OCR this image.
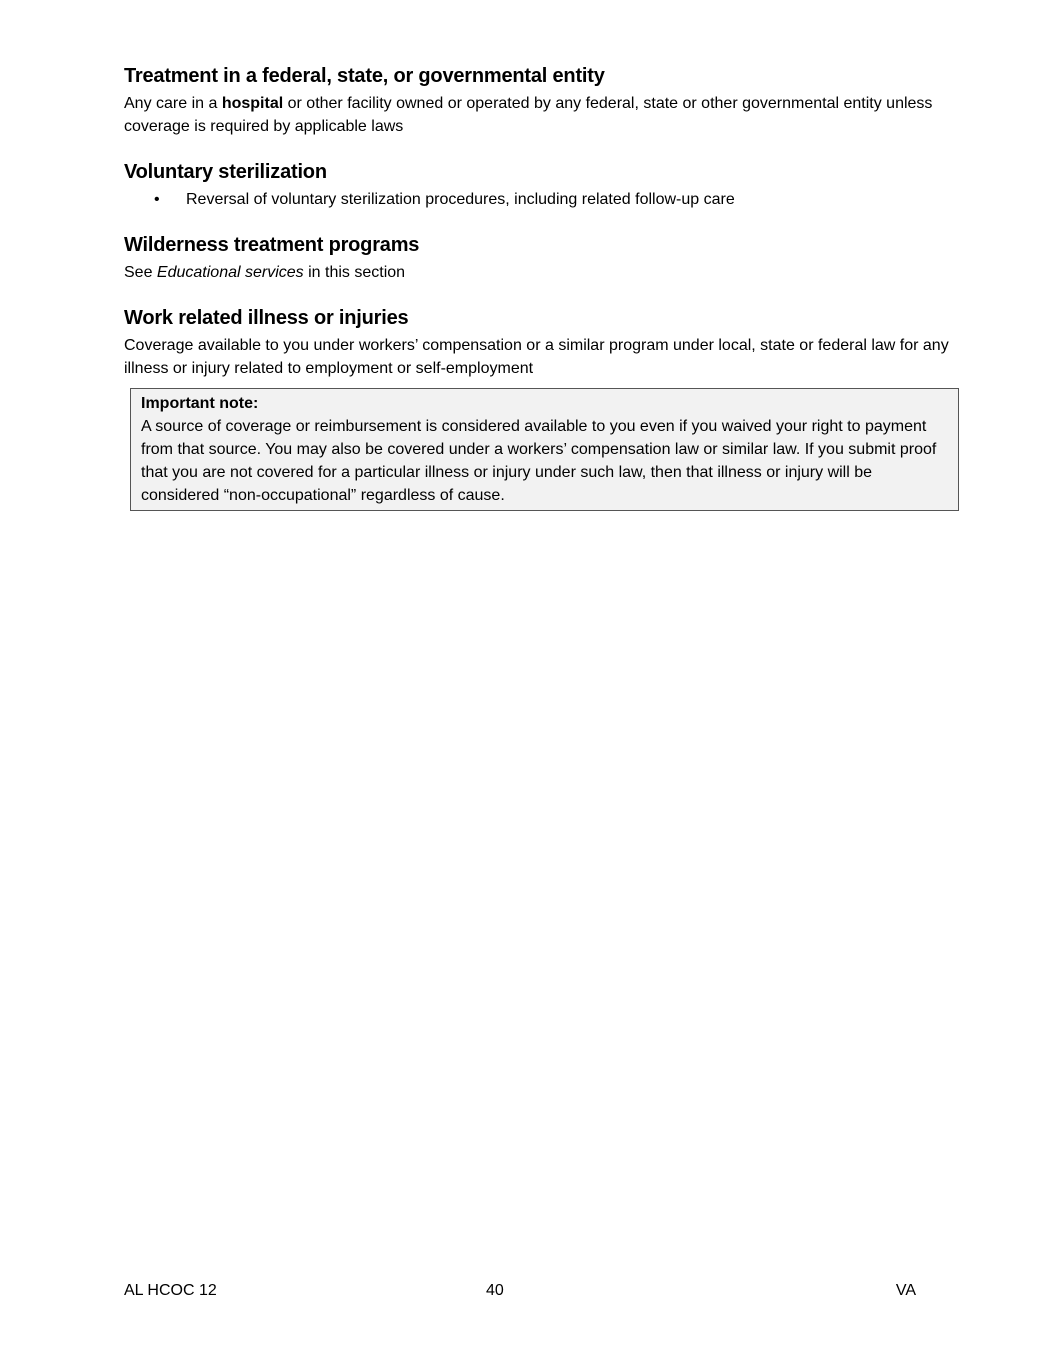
Treatment in a federal, state, or governmental entity

Any care in a hospital or other facility owned or operated by any federal, state or other governmental entity unless coverage is required by applicable laws

Voluntary sterilization
• Reversal of voluntary sterilization procedures, including related follow-up care
Wilderness treatment programs

See Educational services in this section

Work related illness or injuries

Coverage available to you under workers’ compensation or a similar program under local, state or federal law for any illness or injury related to employment or self-employment

Important note:
A source of coverage or reimbursement is considered available to you even if you waived your right to payment from that source. You may also be covered under a workers’ compensation law or similar law. If you submit proof that you are not covered for a particular illness or injury under such law, then that illness or injury will be considered “non-occupational” regardless of cause.
AL HCOC 12	40	VA
